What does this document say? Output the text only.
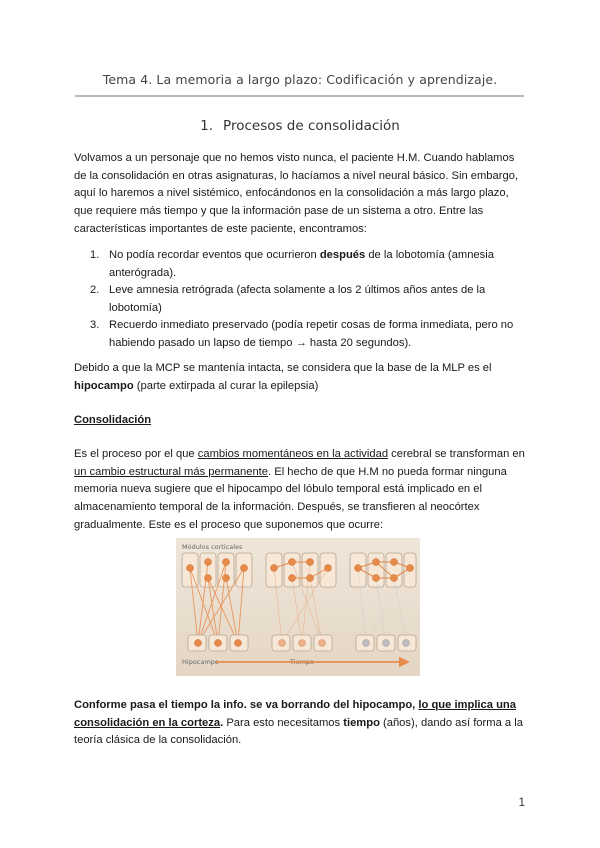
Tema 4. La memoria a largo plazo: Codificación y aprendizaje.
1. Procesos de consolidación
Volvamos a un personaje que no hemos visto nunca, el paciente H.M. Cuando hablamos de la consolidación en otras asignaturas, lo hacíamos a nivel neural básico. Sin embargo, aquí lo haremos a nivel sistémico, enfocándonos en la consolidación a más largo plazo, que requiere más tiempo y que la información pase de un sistema a otro. Entre las características importantes de este paciente, encontramos:
1. No podía recordar eventos que ocurrieron después de la lobotomía (amnesia anterógrada).
2. Leve amnesia retrógrada (afecta solamente a los 2 últimos años antes de la lobotomía)
3. Recuerdo inmediato preservado (podía repetir cosas de forma inmediata, pero no habiendo pasado un lapso de tiempo → hasta 20 segundos).
Debido a que la MCP se mantenía intacta, se considera que la base de la MLP es el hipocampo (parte extirpada al curar la epilepsia)
Consolidación
Es el proceso por el que cambios momentáneos en la actividad cerebral se transforman en un cambio estructural más permanente. El hecho de que H.M no pueda formar ninguna memoria nueva sugiere que el hipocampo del lóbulo temporal está implicado en el almacenamiento temporal de la información. Después, se transfieren al neocórtex gradualmente. Este es el proceso que suponemos que ocurre:
Módulos corticales
Hipocampo	Tiempo
Conforme pasa el tiempo la info. se va borrando del hipocampo, lo que implica una consolidación en la corteza. Para esto necesitamos tiempo (años), dando así forma a la teoría clásica de la consolidación.
1
